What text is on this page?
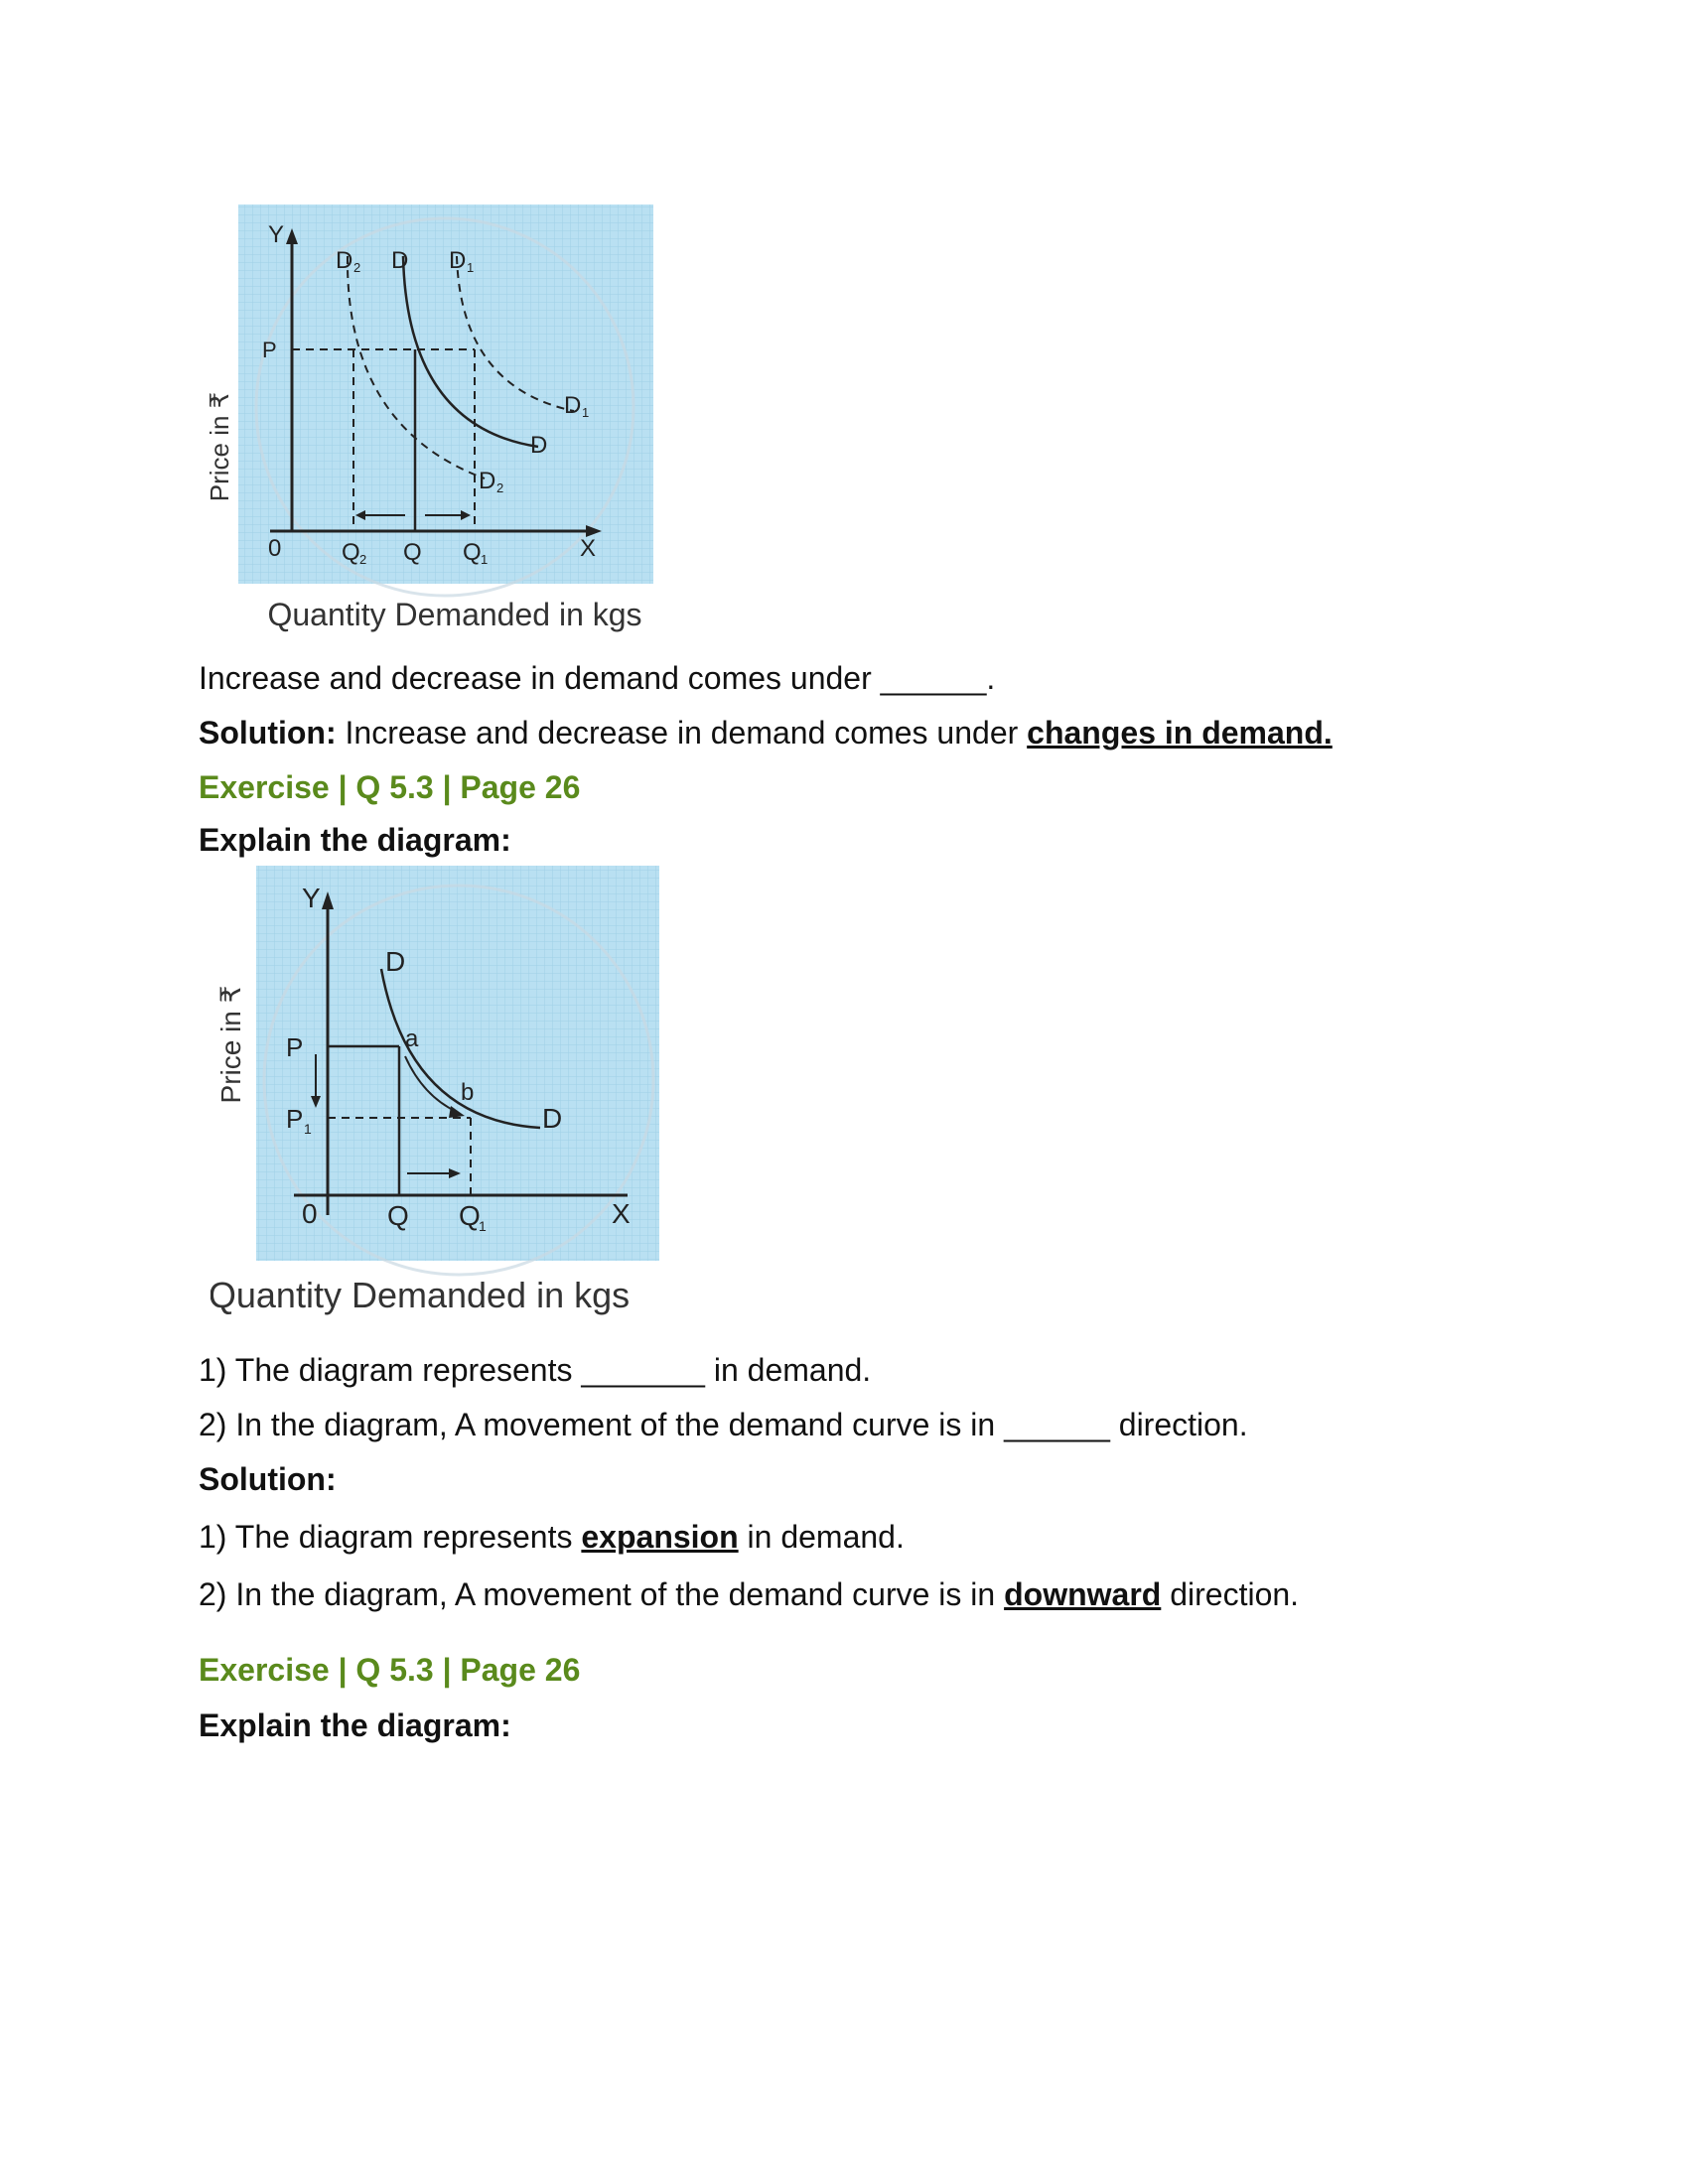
Y
X
0
P
D 2 D D 1
D 1
D
D 2
Q 2 Q Q 1
Price in ₹
Quantity Demanded in kgs
Increase and decrease in demand comes under ______.
Solution: Increase and decrease in demand comes under changes in demand.
Exercise | Q 5.3 | Page 26
Explain the diagram:
Y
X
0
P
P 1
D
D
a
b
Q Q
1
Price in ₹
Quantity Demanded in kgs
1) The diagram represents _______ in demand.
2) In the diagram, A movement of the demand curve is in ______ direction.
Solution:
1) The diagram represents expansion in demand.
2) In the diagram, A movement of the demand curve is in downward direction.
Exercise | Q 5.3 | Page 26
Explain the diagram:
